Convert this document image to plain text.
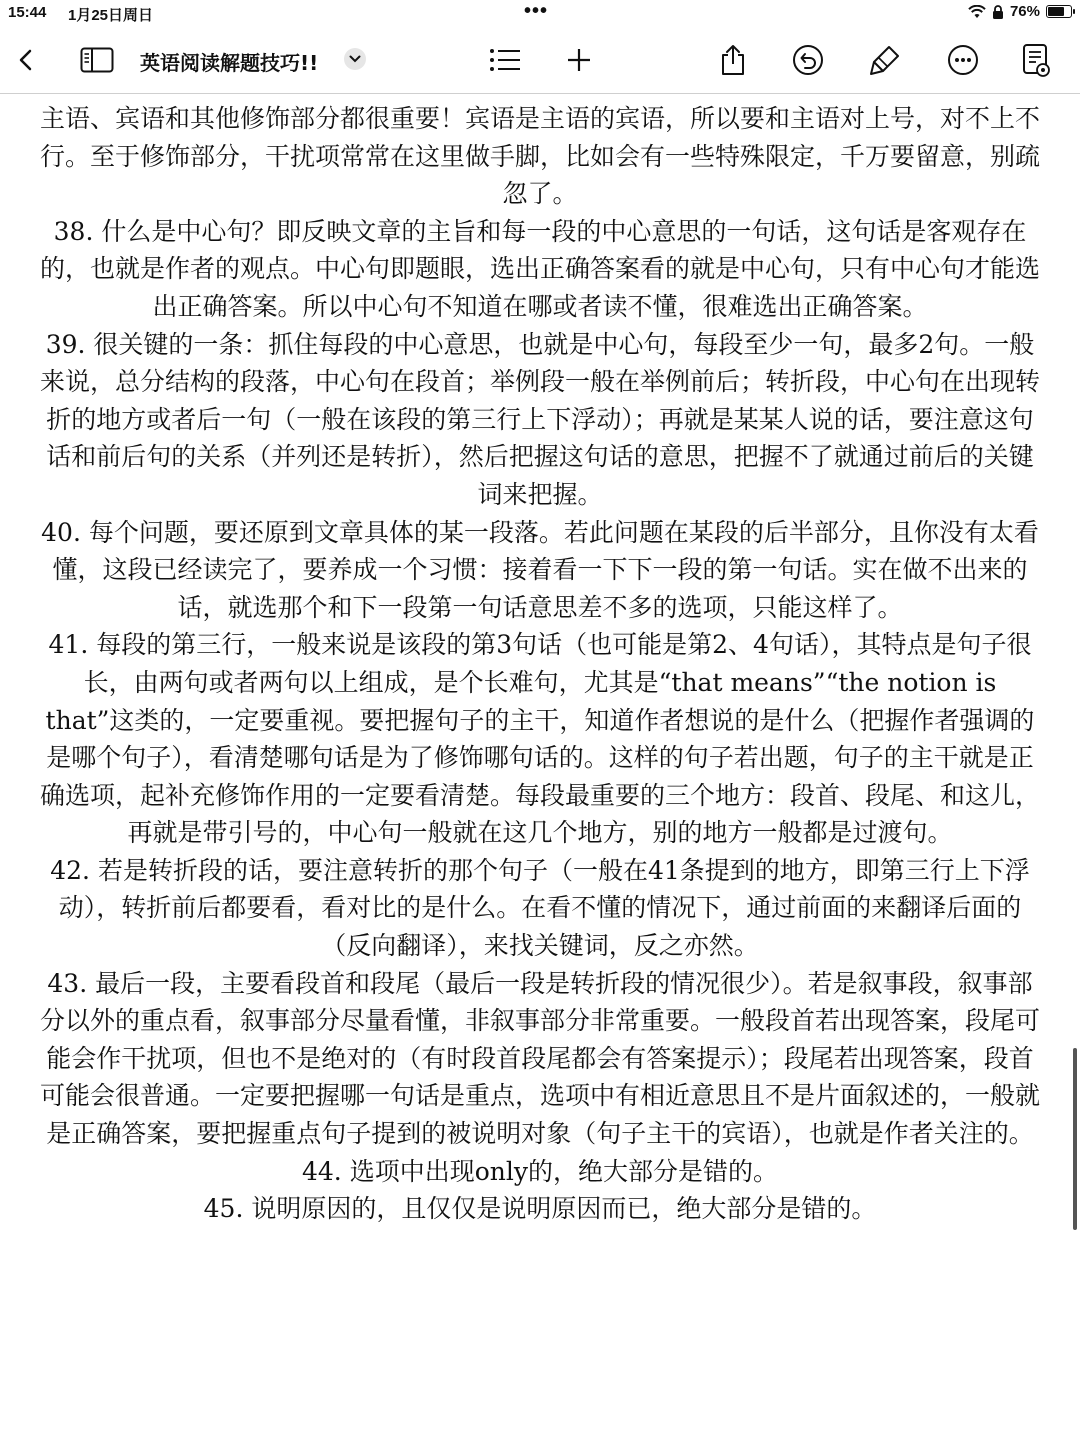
15:44 1月25日周日	•••	76%
英语阅读解题技巧!!

主语、宾语和其他修饰部分都很重要！宾语是主语的宾语，所以要和主语对上号，对不上不行。至于修饰部分，干扰项常常在这里做手脚，比如会有一些特殊限定，千万要留意，别疏忽了。

38. 什么是中心句？即反映文章的主旨和每一段的中心意思的一句话，这句话是客观存在的，也就是作者的观点。中心句即题眼，选出正确答案看的就是中心句，只有中心句才能选出正确答案。所以中心句不知道在哪或者读不懂，很难选出正确答案。

39. 很关键的一条：抓住每段的中心意思，也就是中心句，每段至少一句，最多2句。一般来说，总分结构的段落，中心句在段首；举例段一般在举例前后；转折段，中心句在出现转折的地方或者后一句（一般在该段的第三行上下浮动）；再就是某某人说的话，要注意这句话和前后句的关系（并列还是转折），然后把握这句话的意思，把握不了就通过前后的关键词来把握。

40. 每个问题，要还原到文章具体的某一段落。若此问题在某段的后半部分，且你没有太看懂，这段已经读完了，要养成一个习惯：接着看一下下一段的第一句话。实在做不出来的话，就选那个和下一段第一句话意思差不多的选项，只能这样了。

41. 每段的第三行，一般来说是该段的第3句话（也可能是第2、4句话），其特点是句子很长，由两句或者两句以上组成，是个长难句，尤其是“that means”“the notion is that”这类的，一定要重视。要把握句子的主干，知道作者想说的是什么（把握作者强调的是哪个句子），看清楚哪句话是为了修饰哪句话的。这样的句子若出题，句子的主干就是正确选项，起补充修饰作用的一定要看清楚。每段最重要的三个地方：段首、段尾、和这儿，再就是带引号的，中心句一般就在这几个地方，别的地方一般都是过渡句。

42. 若是转折段的话，要注意转折的那个句子（一般在41条提到的地方，即第三行上下浮动），转折前后都要看，看对比的是什么。在看不懂的情况下，通过前面的来翻译后面的（反向翻译），来找关键词，反之亦然。

43. 最后一段，主要看段首和段尾（最后一段是转折段的情况很少）。若是叙事段，叙事部分以外的重点看，叙事部分尽量看懂，非叙事部分非常重要。一般段首若出现答案，段尾可能会作干扰项，但也不是绝对的（有时段首段尾都会有答案提示）；段尾若出现答案，段首可能会很普通。一定要把握哪一句话是重点，选项中有相近意思且不是片面叙述的，一般就是正确答案，要把握重点句子提到的被说明对象（句子主干的宾语），也就是作者关注的。

44. 选项中出现only的，绝大部分是错的。

45. 说明原因的，且仅仅是说明原因而已，绝大部分是错的。
